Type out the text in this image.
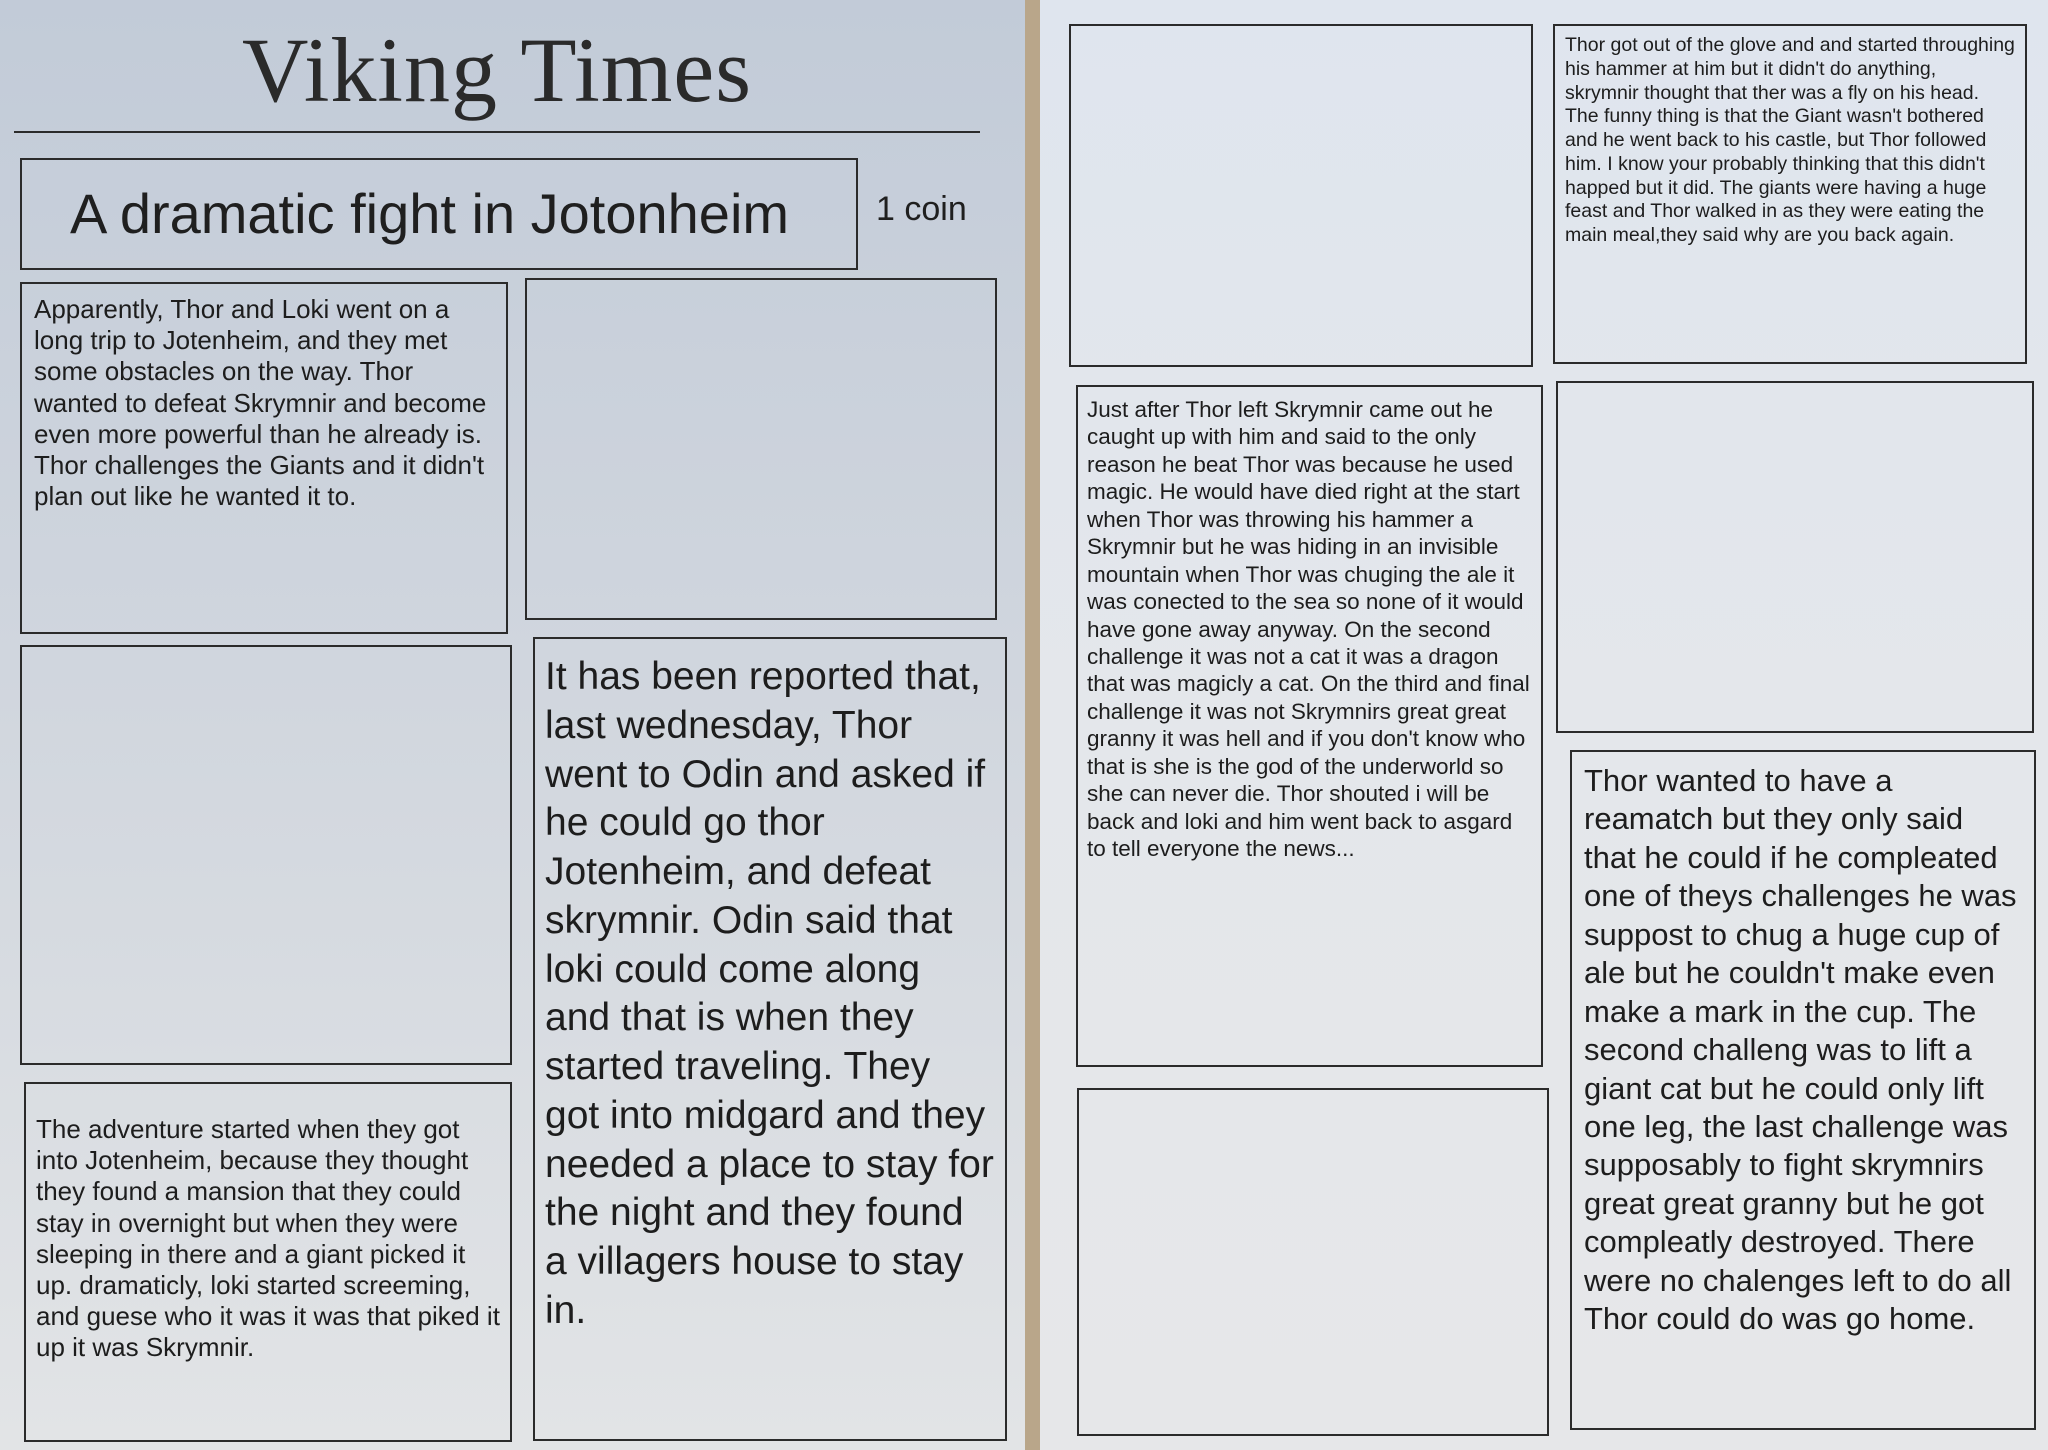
Viking Times
A dramatic fight in Jotonheim	1 coin
Apparently, Thor and Loki went on a long trip to Jotenheim, and they met some obstacles on the way. Thor wanted to defeat Skrymnir and become even more powerful than he already is. Thor challenges the Giants and it didn't plan out like he wanted it to.
It has been reported that, last wednesday, Thor went to Odin and asked if he could go thor Jotenheim, and defeat skrymnir. Odin said that loki could come along and that is when they started traveling. They got into midgard and they needed a place to stay for the night and they found a villagers house to stay in.
The adventure started when they got into Jotenheim, because they thought they found a mansion that they could stay in overnight but when they were sleeping in there and a giant picked it up. dramaticly, loki started screeming, and guese who it was it was that piked it up it was Skrymnir.
Thor got out of the glove and and started throughing his hammer at him but it didn't do anything, skrymnir thought that ther was a fly on his head. The funny thing is that the Giant wasn't bothered and he went back to his castle, but Thor followed him. I know your probably thinking that this didn't happed but it did. The giants were having a huge feast and Thor walked in as they were eating the main meal,they said why are you back again.
Just after Thor left Skrymnir came out he caught up with him and said to the only reason he beat Thor was because he used magic. He would have died right at the start when Thor was throwing his hammer a Skrymnir but he was hiding in an invisible mountain when Thor was chuging the ale it was conected to the sea so none of it would have gone away anyway. On the second challenge it was not a cat it was a dragon that was magicly a cat. On the third and final challenge it was not Skrymnirs great great granny it was hell and if you don't know who that is she is the god of the underworld so she can never die. Thor shouted i will be back and loki and him went back to asgard to tell everyone the news...
Thor wanted to have a reamatch but they only said that he could if he compleated one of theys challenges he was suppost to chug a huge cup of ale but he couldn't make even make a mark in the cup. The second challeng was to lift a giant cat but he could only lift one leg, the last challenge was supposably to fight skrymnirs great great granny but he got compleatly destroyed. There were no chalenges left to do all Thor could do was go home.
